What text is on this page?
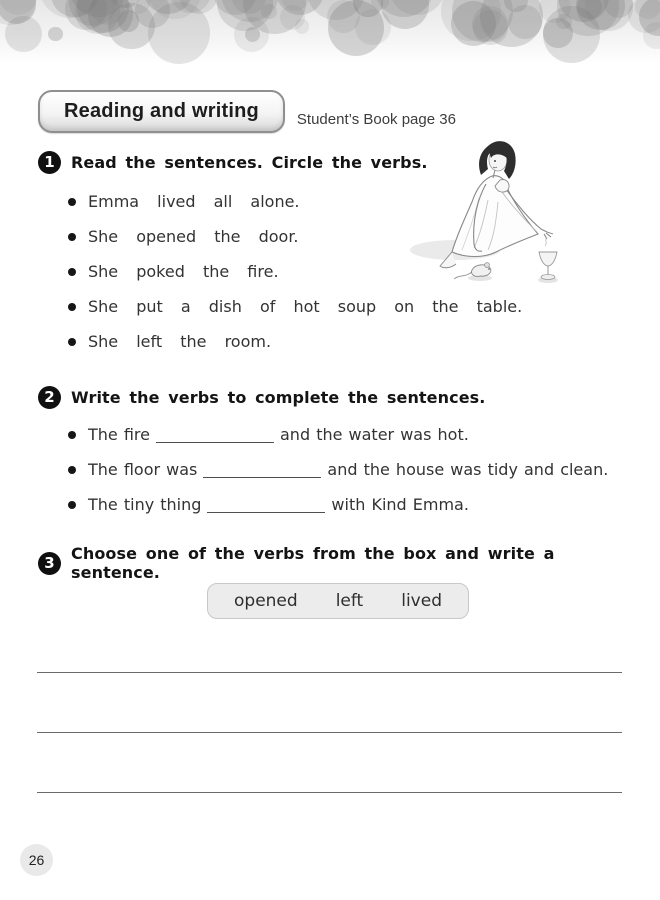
Reading and writing	Student’s Book page 36
1	Read the sentences. Circle the verbs.
Emma lived all alone.
She opened the door.
She poked the fire.
She put a dish of hot soup on the table.
She left the room.
2	Write the verbs to complete the sentences.
The fire	and the water was hot.
The floor was	and the house was tidy and clean.
The tiny thing	with Kind Emma.
3	Choose one of the verbs from the box and write a sentence.
opened left lived
26
